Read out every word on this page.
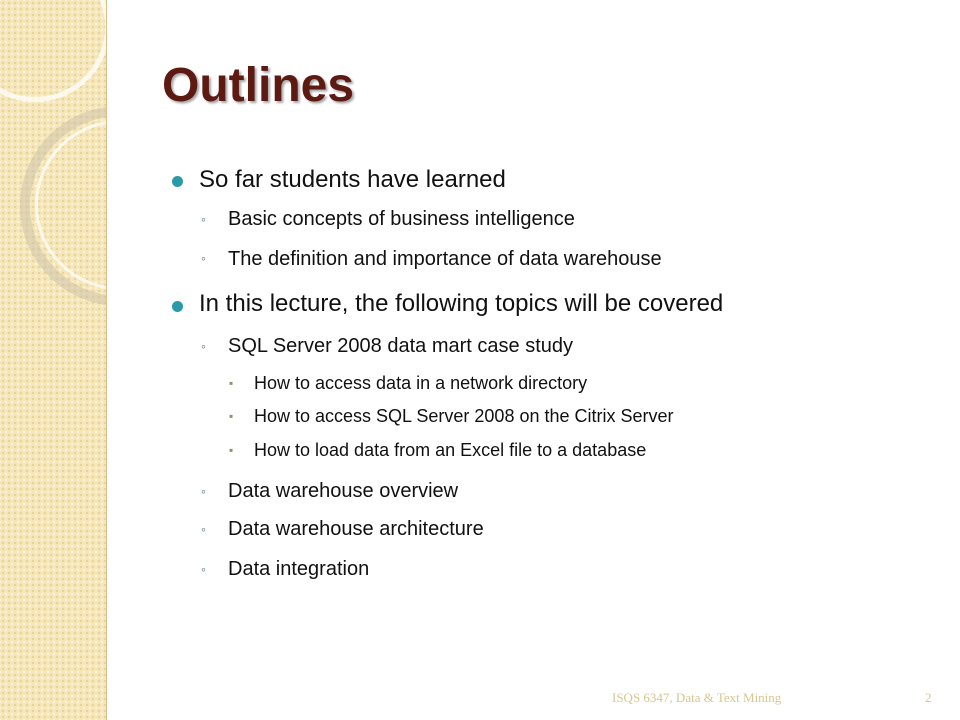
Outlines
So far students have learned
◦ Basic concepts of business intelligence
◦ The definition and importance of data warehouse
In this lecture, the following topics will be covered
◦ SQL Server 2008 data mart case study
▪ How to access data in a network directory
▪ How to access SQL Server 2008 on the Citrix Server
▪ How to load data from an Excel file to a database
◦ Data warehouse overview
◦ Data warehouse architecture
◦ Data integration
ISQS 6347, Data & Text Mining	2
